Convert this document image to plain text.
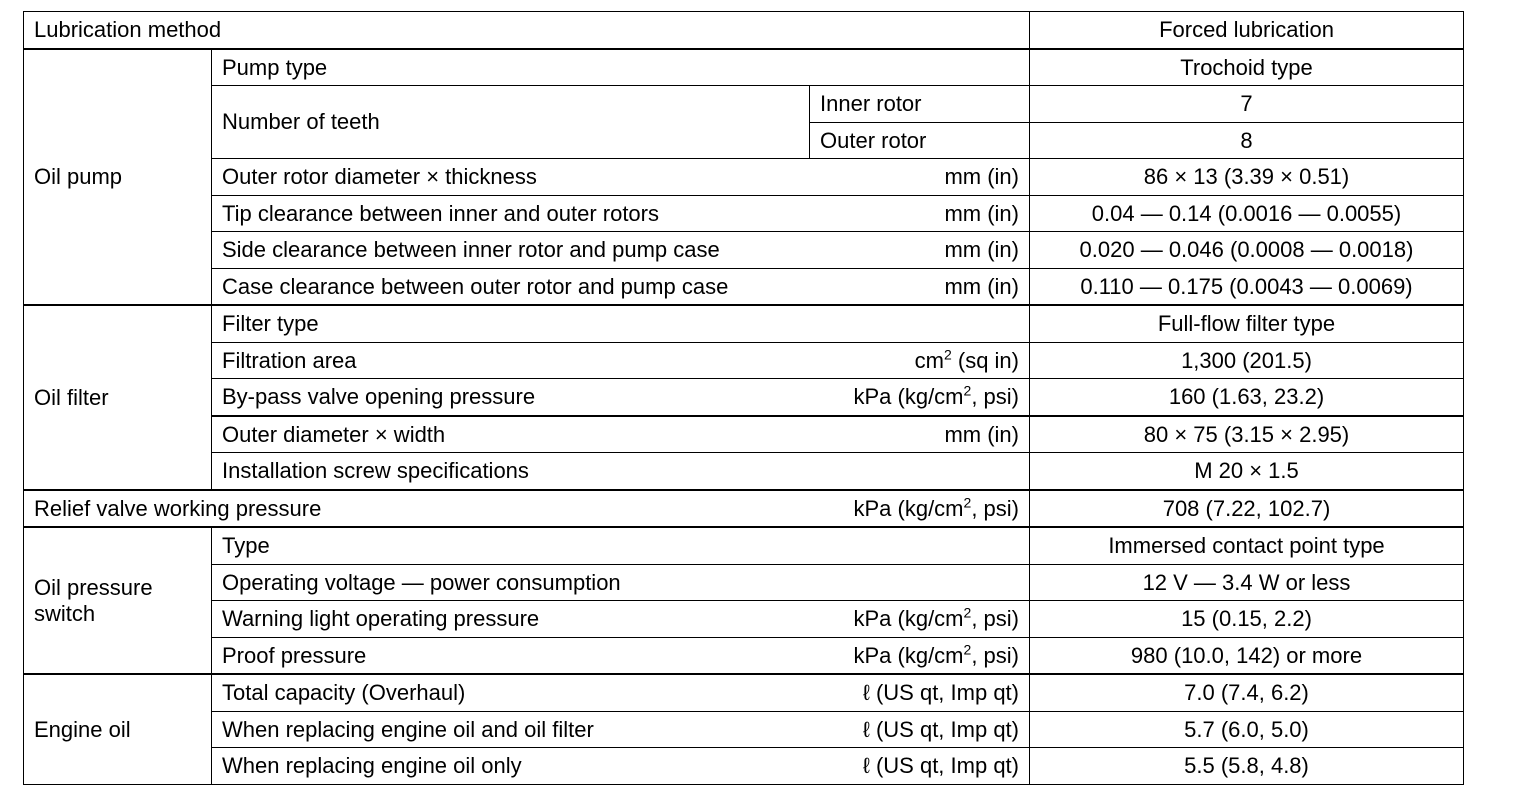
Lubrication method			Forced lubrication
Oil pump	Pump type		Trochoid type
	Number of teeth	Inner rotor	7
		Outer rotor	8

	Outer rotor diameter × thickness mm (in)		86 × 13 (3.39 × 0.51)

	Tip clearance between inner and outer rotors mm (in)		0.04 — 0.14 (0.0016 — 0.0055)

	Side clearance between inner rotor and pump case mm (in)		0.020 — 0.046 (0.0008 — 0.0018)

	Case clearance between outer rotor and pump case mm (in)		0.110 — 0.175 (0.0043 — 0.0069)
Oil filter	Filter type		Full-flow filter type

	Filtration area $cm^2$ (sq in)		1,300 (201.5)

	By-pass valve opening pressure kPa ($kg/cm^2$, psi)		160 (1.63, 23.2)

	Outer diameter × width mm (in)		80 × 75 (3.15 × 2.95)
	Installation screw specifications		M 20 × 1.5

Relief valve working pressure kPa ($kg/cm^2$, psi)			708 (7.22, 102.7)
Oil pressure switch	Type		Immersed contact point type
	Operating voltage — power consumption		12 V — 3.4 W or less

	Warning light operating pressure kPa ($kg/cm^2$, psi)		15 (0.15, 2.2)

	Proof pressure kPa ($kg/cm^2$, psi)		980 (10.0, 142) or more
Engine oil	Total capacity (Overhaul) ℓ (US qt, Imp qt)		7.0 (7.4, 6.2)

	When replacing engine oil and oil filter ℓ (US qt, Imp qt)		5.7 (6.0, 5.0)

	When replacing engine oil only ℓ (US qt, Imp qt)		5.5 (5.8, 4.8)
